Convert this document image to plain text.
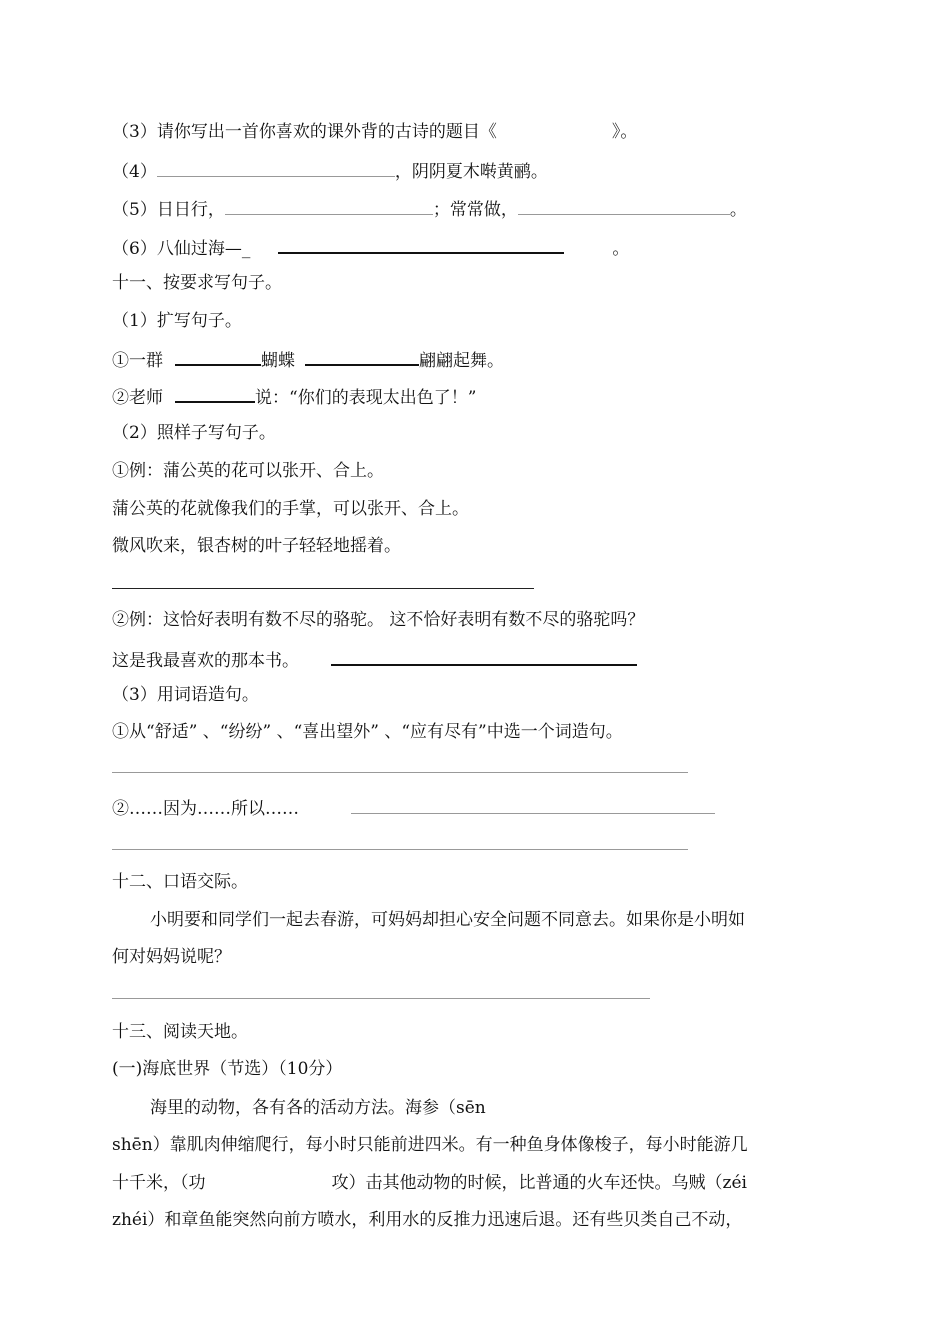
（3）请你写出一首你喜欢的课外背的古诗的题目《	》。
（4）	，阴阴夏木啭黄鹂。
（5）日日行，	；常常做，	。
（6）八仙过海—_	。
十一、按要求写句子。
（1）扩写句子。
①一群	蝴蝶	翩翩起舞。
②老师	说：“你们的表现太出色了！”
（2）照样子写句子。
①例：蒲公英的花可以张开、合上。
蒲公英的花就像我们的手掌，可以张开、合上。
微风吹来，银杏树的叶子轻轻地摇着。
②例：这恰好表明有数不尽的骆驼。 这不恰好表明有数不尽的骆驼吗？
这是我最喜欢的那本书。
（3）用词语造句。
①从“舒适” 、“纷纷” 、“喜出望外” 、“应有尽有”中选一个词造句。
②……因为……所以……
十二、口语交际。
小明要和同学们一起去春游，可妈妈却担心安全问题不同意去。如果你是小明如
何对妈妈说呢？
十三、阅读天地。
(一)海底世界（节选）（10分）
海里的动物，各有各的活动方法。海参（sēn
shēn）靠肌肉伸缩爬行，每小时只能前进四米。有一种鱼身体像梭子，每小时能游几
十千米，（功	攻）击其他动物的时候，比普通的火车还快。乌贼（zéi
zhéi）和章鱼能突然向前方喷水，利用水的反推力迅速后退。还有些贝类自己不动，
